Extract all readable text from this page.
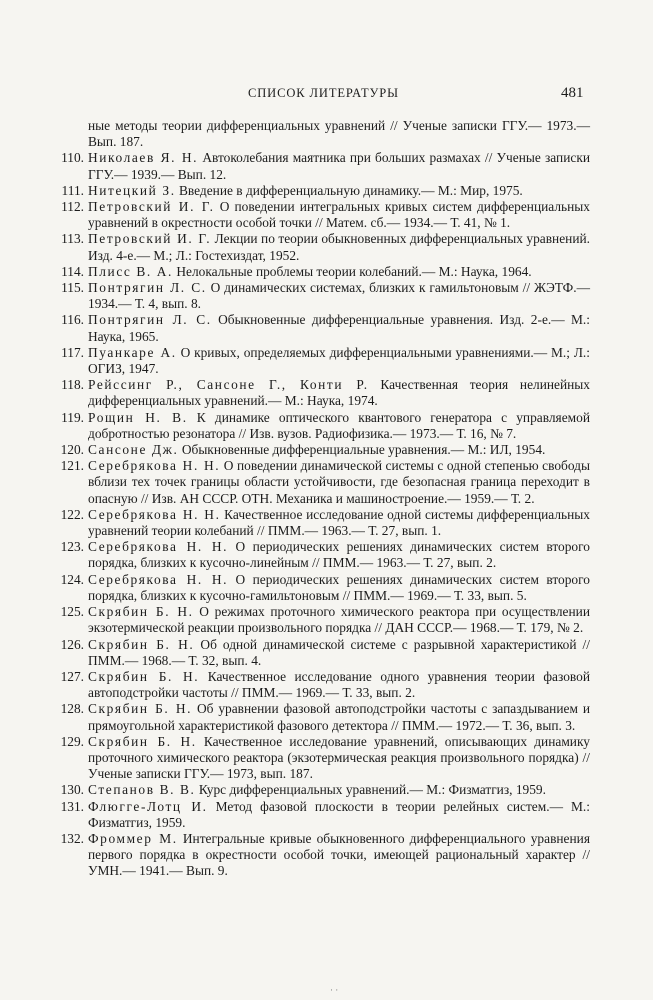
СПИСОК ЛИТЕРАТУРЫ	481

ные методы теории дифференциальных уравнений // Ученые записки ГГУ.— 1973.— Вып. 187.

110. Николаев Я. Н. Автоколебания маятника при больших размахах // Ученые записки ГГУ.— 1939.— Вып. 12.

111. Нитецкий З. Введение в дифференциальную динамику.— М.: Мир, 1975.

112. Петровский И. Г. О поведении интегральных кривых систем дифференциальных уравнений в окрестности особой точки // Матем. сб.— 1934.— Т. 41, № 1.

113. Петровский И. Г. Лекции по теории обыкновенных дифференциальных уравнений. Изд. 4-е.— М.; Л.: Гостехиздат, 1952.

114. Плисс В. А. Нелокальные проблемы теории колебаний.— М.: Наука, 1964.

115. Понтрягин Л. С. О динамических системах, близких к гамильтоновым // ЖЭТФ.— 1934.— Т. 4, вып. 8.

116. Понтрягин Л. С. Обыкновенные дифференциальные уравнения. Изд. 2-е.— М.: Наука, 1965.

117. Пуанкаре А. О кривых, определяемых дифференциальными уравнениями.— М.; Л.: ОГИЗ, 1947.

118. Рейссинг Р., Сансоне Г., Конти Р. Качественная теория нелинейных дифференциальных уравнений.— М.: Наука, 1974.

119. Рощин Н. В. К динамике оптического квантового генератора с управляемой добротностью резонатора // Изв. вузов. Радиофизика.— 1973.— Т. 16, № 7.

120. Сансоне Дж. Обыкновенные дифференциальные уравнения.— М.: ИЛ, 1954.

121. Серебрякова Н. Н. О поведении динамической системы с одной степенью свободы вблизи тех точек границы области устойчивости, где безопасная граница переходит в опасную // Изв. АН СССР. ОТН. Механика и машиностроение.— 1959.— Т. 2.

122. Серебрякова Н. Н. Качественное исследование одной системы дифференциальных уравнений теории колебаний // ПММ.— 1963.— Т. 27, вып. 1.

123. Серебрякова Н. Н. О периодических решениях динамических систем второго порядка, близких к кусочно-линейным // ПММ.— 1963.— Т. 27, вып. 2.

124. Серебрякова Н. Н. О периодических решениях динамических систем второго порядка, близких к кусочно-гамильтоновым // ПММ.— 1969.— Т. 33, вып. 5.

125. Скрябин Б. Н. О режимах проточного химического реактора при осуществлении экзотермической реакции произвольного порядка // ДАН СССР.— 1968.— Т. 179, № 2.

126. Скрябин Б. Н. Об одной динамической системе с разрывной характеристикой // ПММ.— 1968.— Т. 32, вып. 4.

127. Скрябин Б. Н. Качественное исследование одного уравнения теории фазовой автоподстройки частоты // ПММ.— 1969.— Т. 33, вып. 2.

128. Скрябин Б. Н. Об уравнении фазовой автоподстройки частоты с запаздыванием и прямоугольной характеристикой фазового детектора // ПММ.— 1972.— Т. 36, вып. 3.

129. Скрябин Б. Н. Качественное исследование уравнений, описывающих динамику проточного химического реактора (экзотермическая реакция произвольного порядка) // Ученые записки ГГУ.— 1973, вып. 187.

130. Степанов В. В. Курс дифференциальных уравнений.— М.: Физматгиз, 1959.

131. Флюгге-Лотц И. Метод фазовой плоскости в теории релейных систем.— М.: Физматгиз, 1959.

132. Фроммер М. Интегральные кривые обыкновенного дифференциального уравнения первого порядка в окрестности особой точки, имеющей рациональный характер // УМН.— 1941.— Вып. 9.

· ·
